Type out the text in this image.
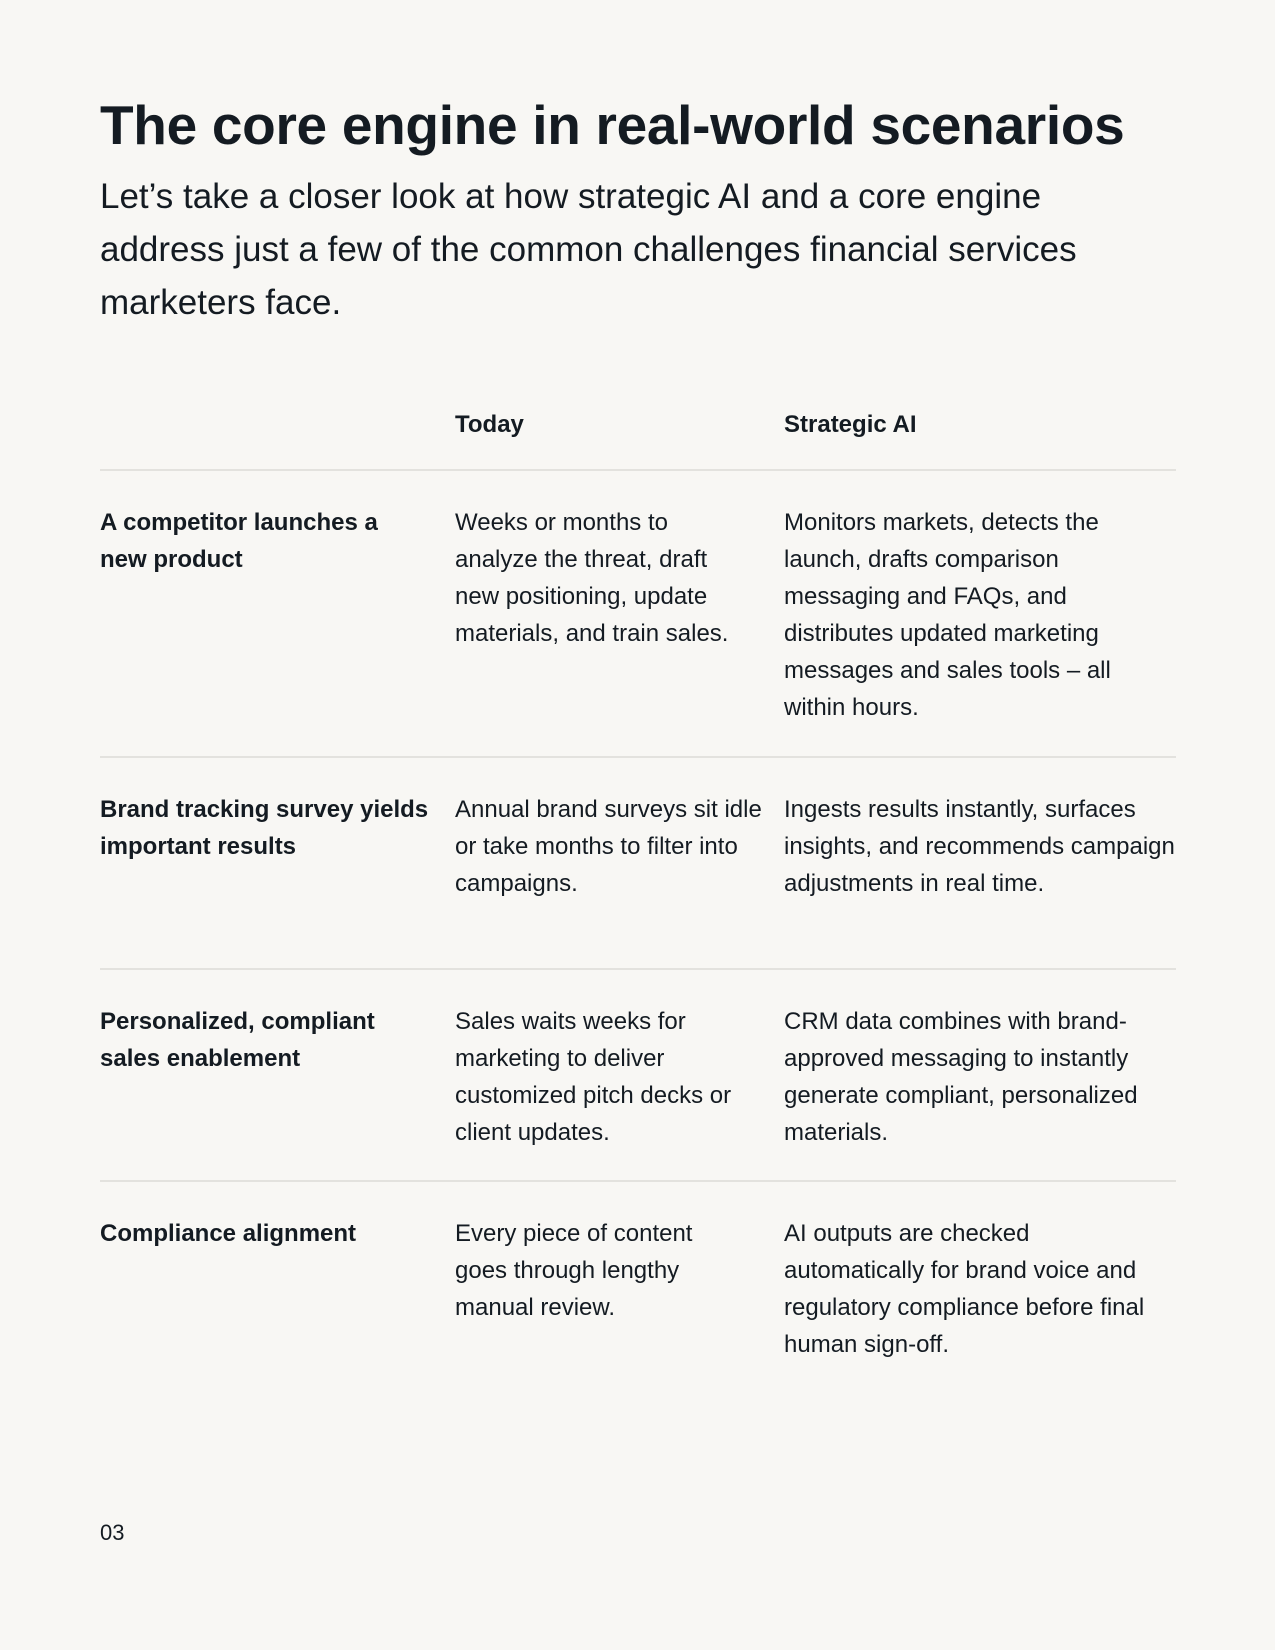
The core engine in real-world scenarios

Let’s take a closer look at how strategic AI and a core engine address just a few of the common challenges financial services marketers face.

Today	Strategic AI
A competitor launches a new product
Weeks or months to analyze the threat, draft new positioning, update materials, and train sales.
Monitors markets, detects the launch, drafts comparison messaging and FAQs, and distributes updated marketing messages and sales tools – all within hours.
Brand tracking survey yields important results
Annual brand surveys sit idle or take months to filter into campaigns.
Ingests results instantly, surfaces insights, and recommends campaign adjustments in real time.
Personalized, compliant sales enablement
Sales waits weeks for marketing to deliver customized pitch decks or client updates.
CRM data combines with brand-approved messaging to instantly generate compliant, personalized materials.
Compliance alignment	Every piece of content goes through lengthy manual review.
AI outputs are checked automatically for brand voice and regulatory compliance before final human sign-off.
03
